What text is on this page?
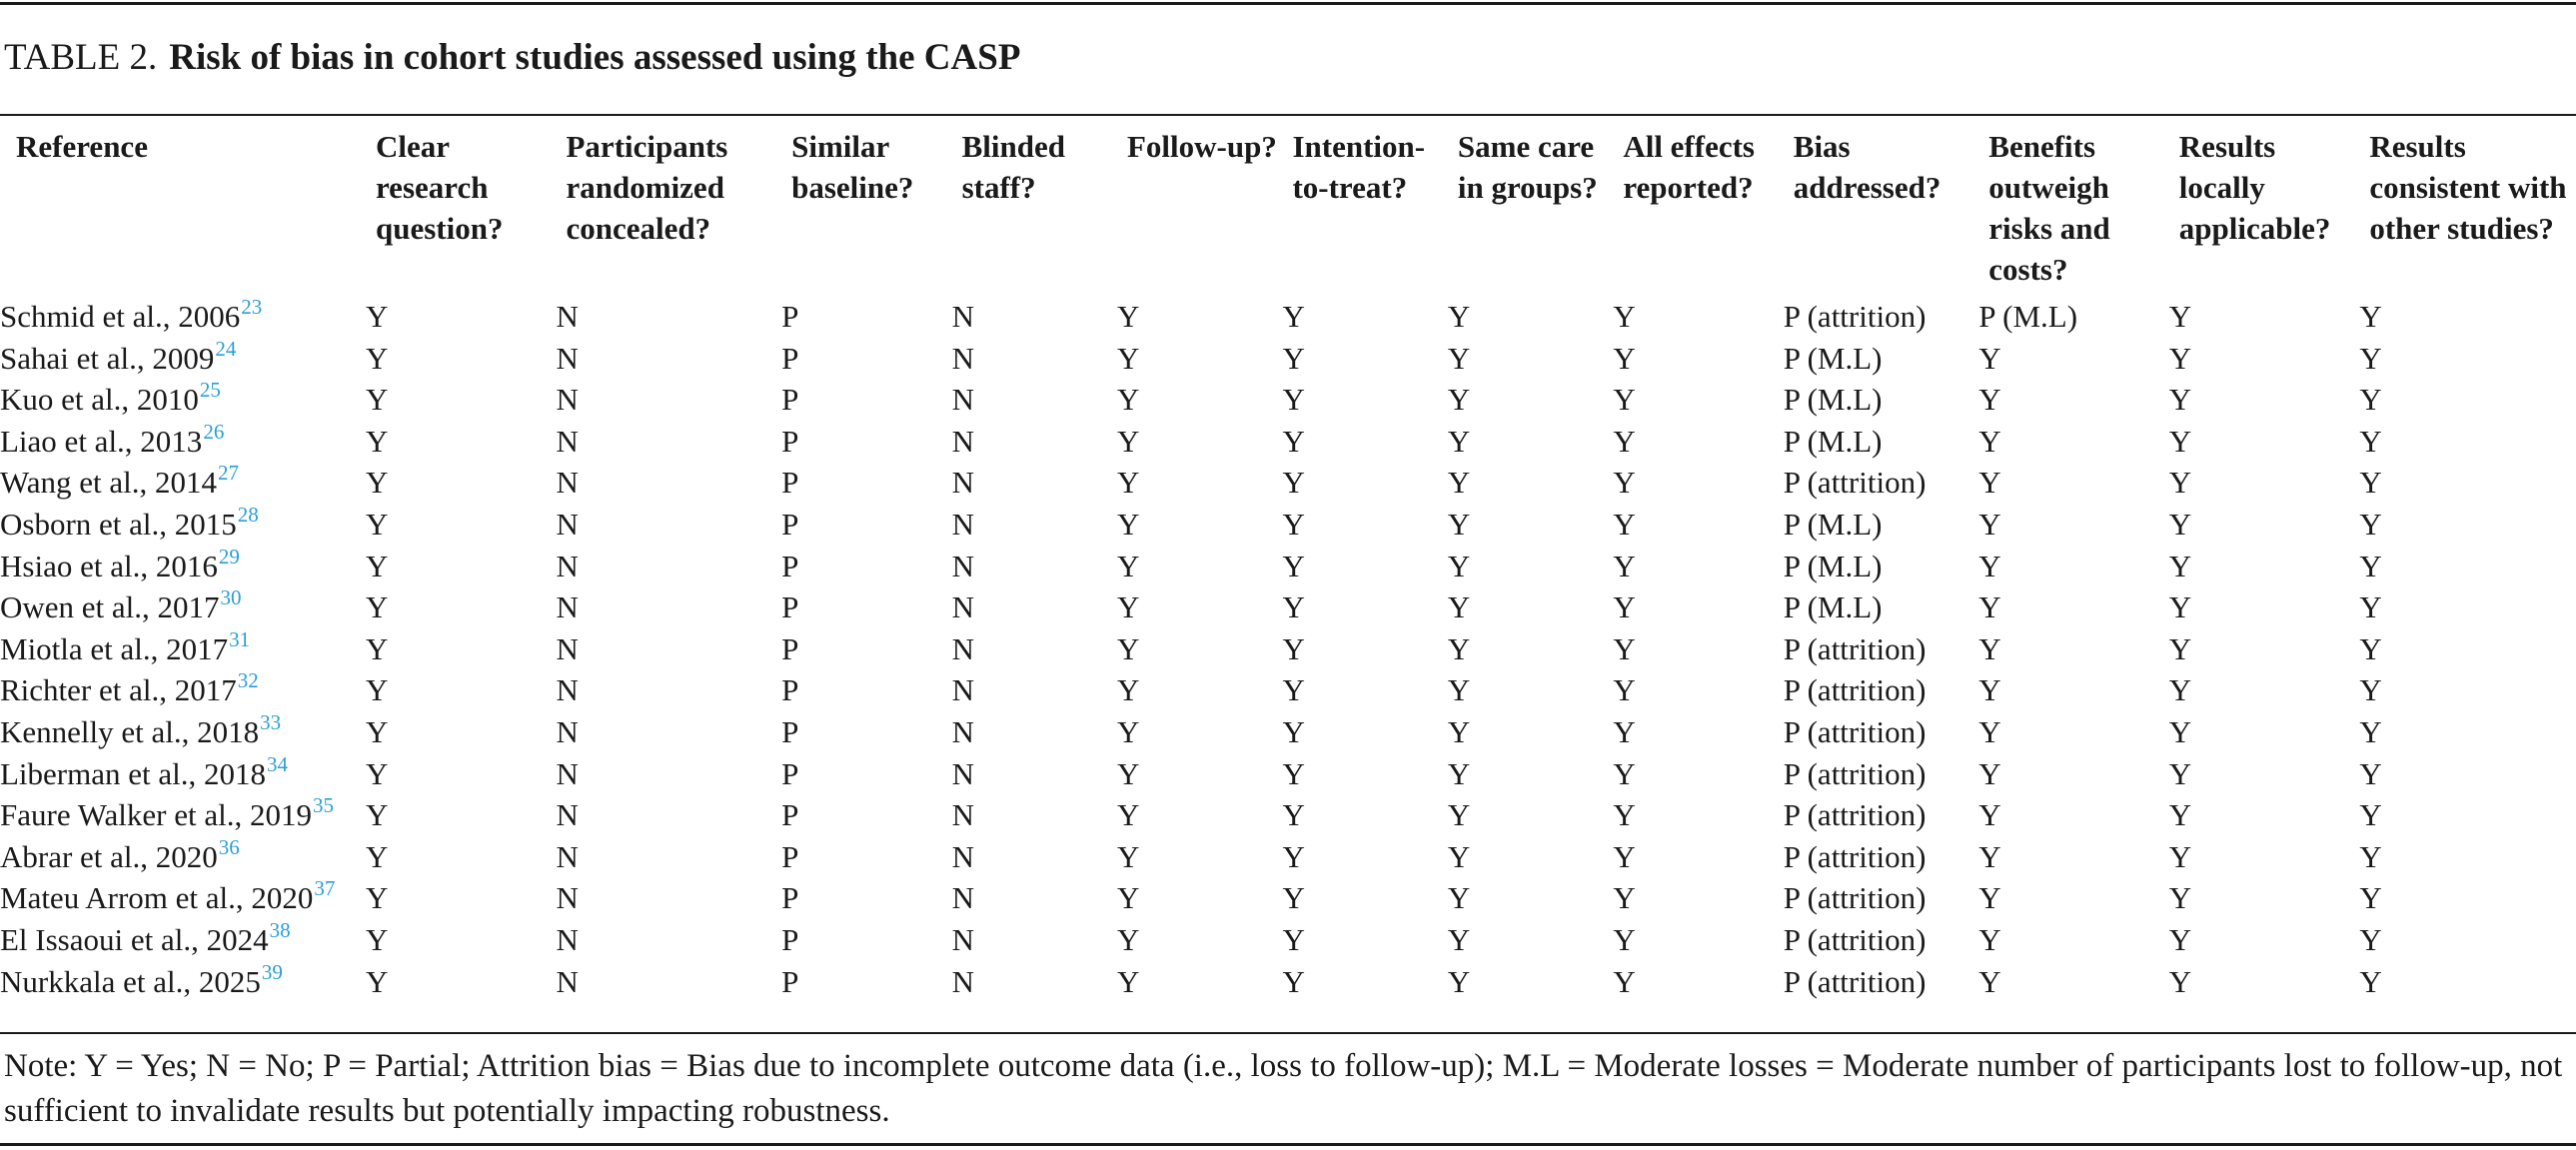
TABLE 2. Risk of bias in cohort studies assessed using the CASP
Reference	Clear research question?	Participants randomized concealed?	Similar baseline?	Blinded staff?	Follow-up?	Intention-to-treat?	Same care in groups?	All effects reported?	Bias addressed?	Benefits outweigh risks and costs?	Results locally applicable?	Results consistent with other studies?
Schmid et al., 2006$^{23}$	Y	N	P	N	Y	Y	Y	Y	P (attrition)	P (M.L)	Y	Y
Sahai et al., 2009$^{24}$	Y	N	P	N	Y	Y	Y	Y	P (M.L)	Y	Y	Y
Kuo et al., 2010$^{25}$	Y	N	P	N	Y	Y	Y	Y	P (M.L)	Y	Y	Y
Liao et al., 2013$^{26}$	Y	N	P	N	Y	Y	Y	Y	P (M.L)	Y	Y	Y
Wang et al., 2014$^{27}$	Y	N	P	N	Y	Y	Y	Y	P (attrition)	Y	Y	Y
Osborn et al., 2015$^{28}$	Y	N	P	N	Y	Y	Y	Y	P (M.L)	Y	Y	Y
Hsiao et al., 2016$^{29}$	Y	N	P	N	Y	Y	Y	Y	P (M.L)	Y	Y	Y
Owen et al., 2017$^{30}$	Y	N	P	N	Y	Y	Y	Y	P (M.L)	Y	Y	Y
Miotla et al., 2017$^{31}$	Y	N	P	N	Y	Y	Y	Y	P (attrition)	Y	Y	Y
Richter et al., 2017$^{32}$	Y	N	P	N	Y	Y	Y	Y	P (attrition)	Y	Y	Y
Kennelly et al., 2018$^{33}$	Y	N	P	N	Y	Y	Y	Y	P (attrition)	Y	Y	Y
Liberman et al., 2018$^{34}$	Y	N	P	N	Y	Y	Y	Y	P (attrition)	Y	Y	Y
Faure Walker et al., 2019$^{35}$	Y	N	P	N	Y	Y	Y	Y	P (attrition)	Y	Y	Y
Abrar et al., 2020$^{36}$	Y	N	P	N	Y	Y	Y	Y	P (attrition)	Y	Y	Y
Mateu Arrom et al., 2020$^{37}$	Y	N	P	N	Y	Y	Y	Y	P (attrition)	Y	Y	Y
El Issaoui et al., 2024$^{38}$	Y	N	P	N	Y	Y	Y	Y	P (attrition)	Y	Y	Y
Nurkkala et al., 2025$^{39}$	Y	N	P	N	Y	Y	Y	Y	P (attrition)	Y	Y	Y
Note: Y = Yes; N = No; P = Partial; Attrition bias = Bias due to incomplete outcome data (i.e., loss to follow-up); M.L = Moderate losses = Moderate number of participants lost to follow-up, not sufficient to invalidate results but potentially impacting robustness.
